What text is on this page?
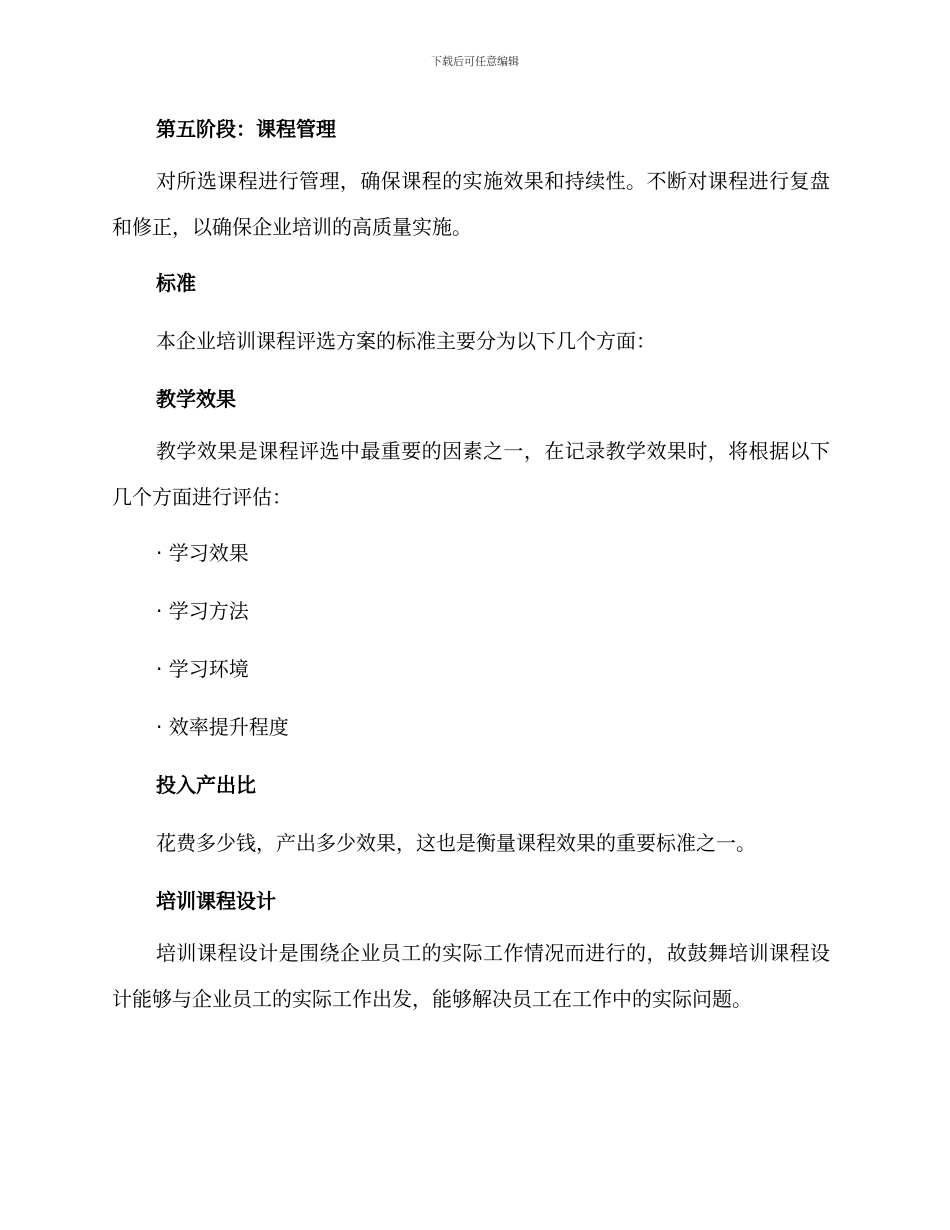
下载后可任意编辑
第五阶段：课程管理

对所选课程进行管理，确保课程的实施效果和持续性。不断对课程进行复盘和修正，以确保企业培训的高质量实施。

标准

本企业培训课程评选方案的标准主要分为以下几个方面：

教学效果

教学效果是课程评选中最重要的因素之一，在记录教学效果时，将根据以下几个方面进行评估：

· 学习效果

· 学习方法

· 学习环境

· 效率提升程度

投入产出比

花费多少钱，产出多少效果，这也是衡量课程效果的重要标准之一。

培训课程设计

培训课程设计是围绕企业员工的实际工作情况而进行的，故鼓舞培训课程设计能够与企业员工的实际工作出发，能够解决员工在工作中的实际问题。
